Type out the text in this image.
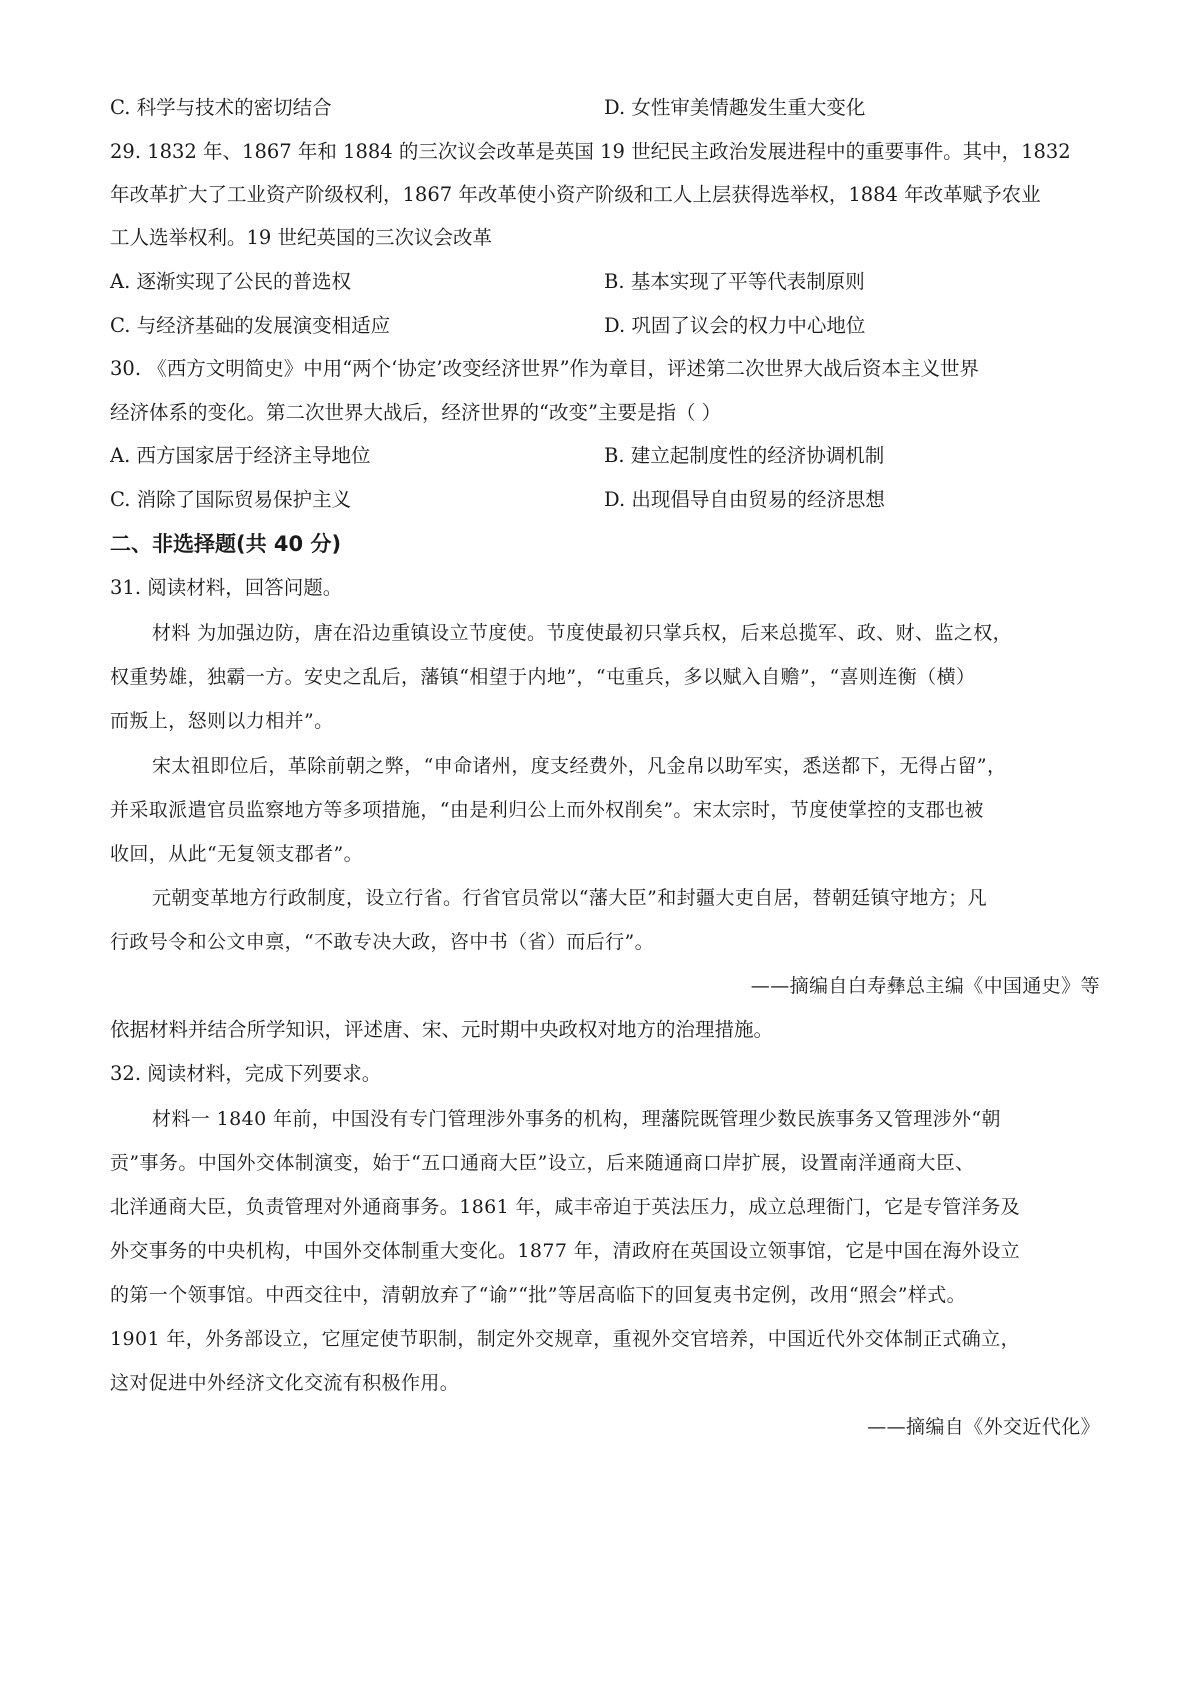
C. 科学与技术的密切结合	D. 女性审美情趣发生重大变化
29. 1832 年、1867 年和 1884 的三次议会改革是英国 19 世纪民主政治发展进程中的重要事件。其中，1832
年改革扩大了工业资产阶级权利，1867 年改革使小资产阶级和工人上层获得选举权，1884 年改革赋予农业
工人选举权利。19 世纪英国的三次议会改革
A. 逐渐实现了公民的普选权	B. 基本实现了平等代表制原则
C. 与经济基础的发展演变相适应	D. 巩固了议会的权力中心地位
30. 《西方文明简史》中用“两个‘协定’改变经济世界”作为章目，评述第二次世界大战后资本主义世界
经济体系的变化。第二次世界大战后，经济世界的“改变”主要是指（ ）
A. 西方国家居于经济主导地位	B. 建立起制度性的经济协调机制
C. 消除了国际贸易保护主义	D. 出现倡导自由贸易的经济思想
二、非选择题(共 40 分)
31. 阅读材料，回答问题。
材料 为加强边防，唐在沿边重镇设立节度使。节度使最初只掌兵权，后来总揽军、政、财、监之权，
权重势雄，独霸一方。安史之乱后，藩镇“相望于内地”，“屯重兵，多以赋入自赡”，“喜则连衡（横）
而叛上，怒则以力相并”。
宋太祖即位后，革除前朝之弊，“申命诸州，度支经费外，凡金帛以助军实，悉送都下，无得占留”，
并采取派遣官员监察地方等多项措施，“由是利归公上而外权削矣”。宋太宗时，节度使掌控的支郡也被
收回，从此“无复领支郡者”。
元朝变革地方行政制度，设立行省。行省官员常以“藩大臣”和封疆大吏自居，替朝廷镇守地方；凡
行政号令和公文申禀，“不敢专决大政，咨中书（省）而后行”。
——摘编自白寿彝总主编《中国通史》等
依据材料并结合所学知识，评述唐、宋、元时期中央政权对地方的治理措施。
32. 阅读材料，完成下列要求。
材料一 1840 年前，中国没有专门管理涉外事务的机构，理藩院既管理少数民族事务又管理涉外“朝
贡”事务。中国外交体制演变，始于“五口通商大臣”设立，后来随通商口岸扩展，设置南洋通商大臣、
北洋通商大臣，负责管理对外通商事务。1861 年，咸丰帝迫于英法压力，成立总理衙门，它是专管洋务及
外交事务的中央机构，中国外交体制重大变化。1877 年，清政府在英国设立领事馆，它是中国在海外设立
的第一个领事馆。中西交往中，清朝放弃了“谕”“批”等居高临下的回复夷书定例，改用“照会”样式。
1901 年，外务部设立，它厘定使节职制，制定外交规章，重视外交官培养，中国近代外交体制正式确立，
这对促进中外经济文化交流有积极作用。
——摘编自《外交近代化》
